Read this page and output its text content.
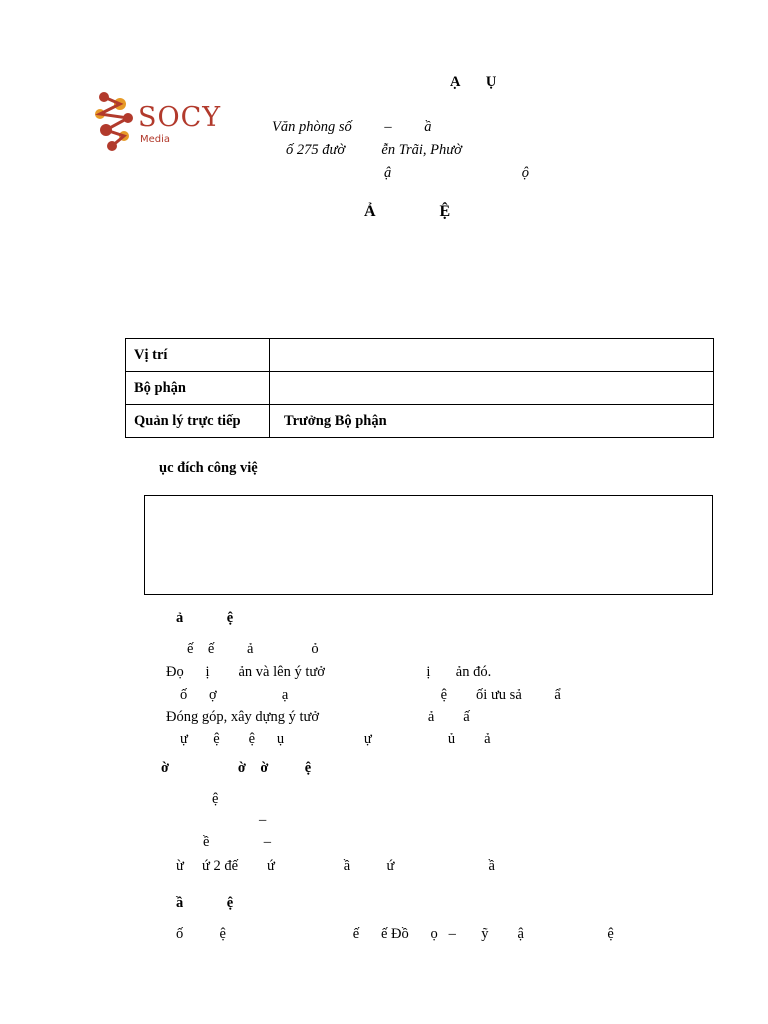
SOCY
Media
Ạ       Ụ
Văn phòng số         –         ầ
ố 275 đườ          ễn Trãi, Phườ
ậ                                    ộ
Ả                Ệ
Vị trí	
Bộ phận	
Quản lý trực tiếp	Trưởng Bộ phận
ục đích công việ
ả            ệ
ế    ế         ả                ỏ
Đọ      ị        ản và lên ý tưở                            ị       ản đó.
ố      ợ                  ạ                                          ệ        ối ưu sả         ẩ
Đóng góp, xây dựng ý tưở                              ả        ấ
ự       ệ        ệ      ụ                      ự                     ủ        ả
ờ                   ờ    ờ          ệ
ệ
–
ề               –
ừ     ứ 2 đế        ứ                   ầ          ứ                          ầ
ầ            ệ
ố          ệ                                   ế      ế Đồ      ọ   –       ỹ        ậ                       ệ
